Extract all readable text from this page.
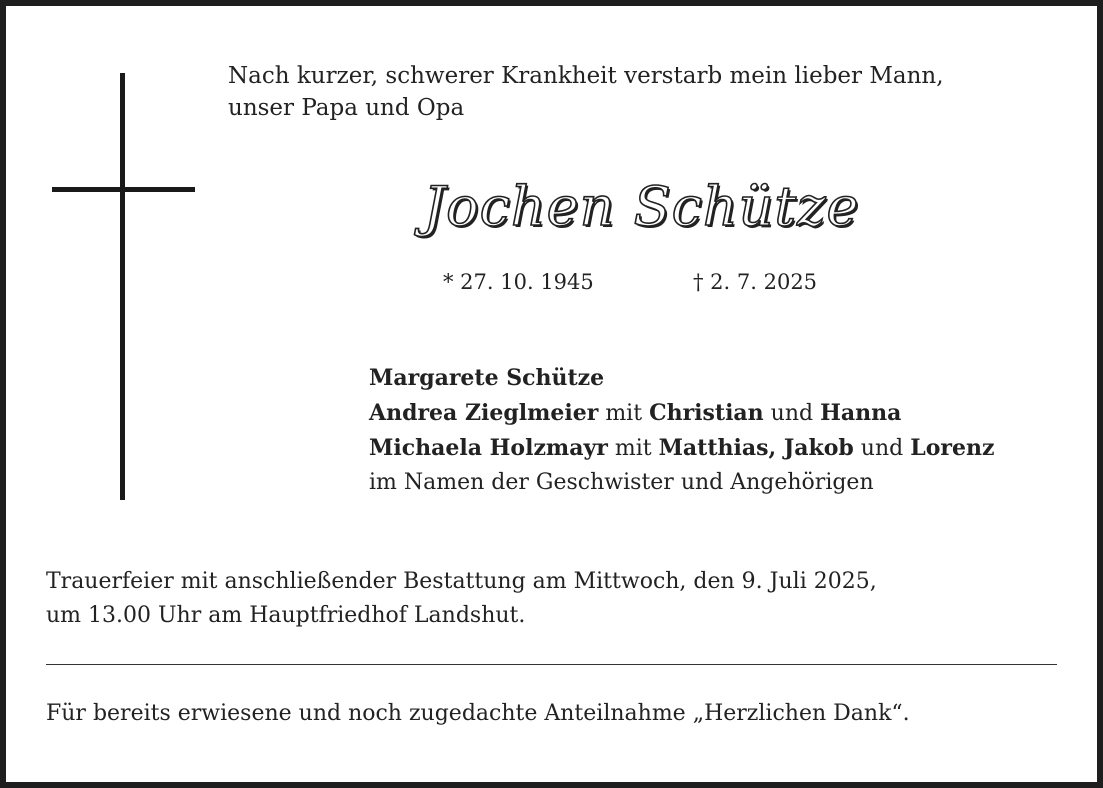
Nach kurzer, schwerer Krankheit verstarb mein lieber Mann,
unser Papa und Opa
Jochen Schütze
* 27. 10. 1945	† 2. 7. 2025
Margarete Schütze
Andrea Zieglmeier mit Christian und Hanna
Michaela Holzmayr mit Matthias, Jakob und Lorenz
im Namen der Geschwister und Angehörigen
Trauerfeier mit anschließender Bestattung am Mittwoch, den 9. Juli 2025,
um 13.00 Uhr am Hauptfriedhof Landshut.
Für bereits erwiesene und noch zugedachte Anteilnahme „Herzlichen Dank“.
